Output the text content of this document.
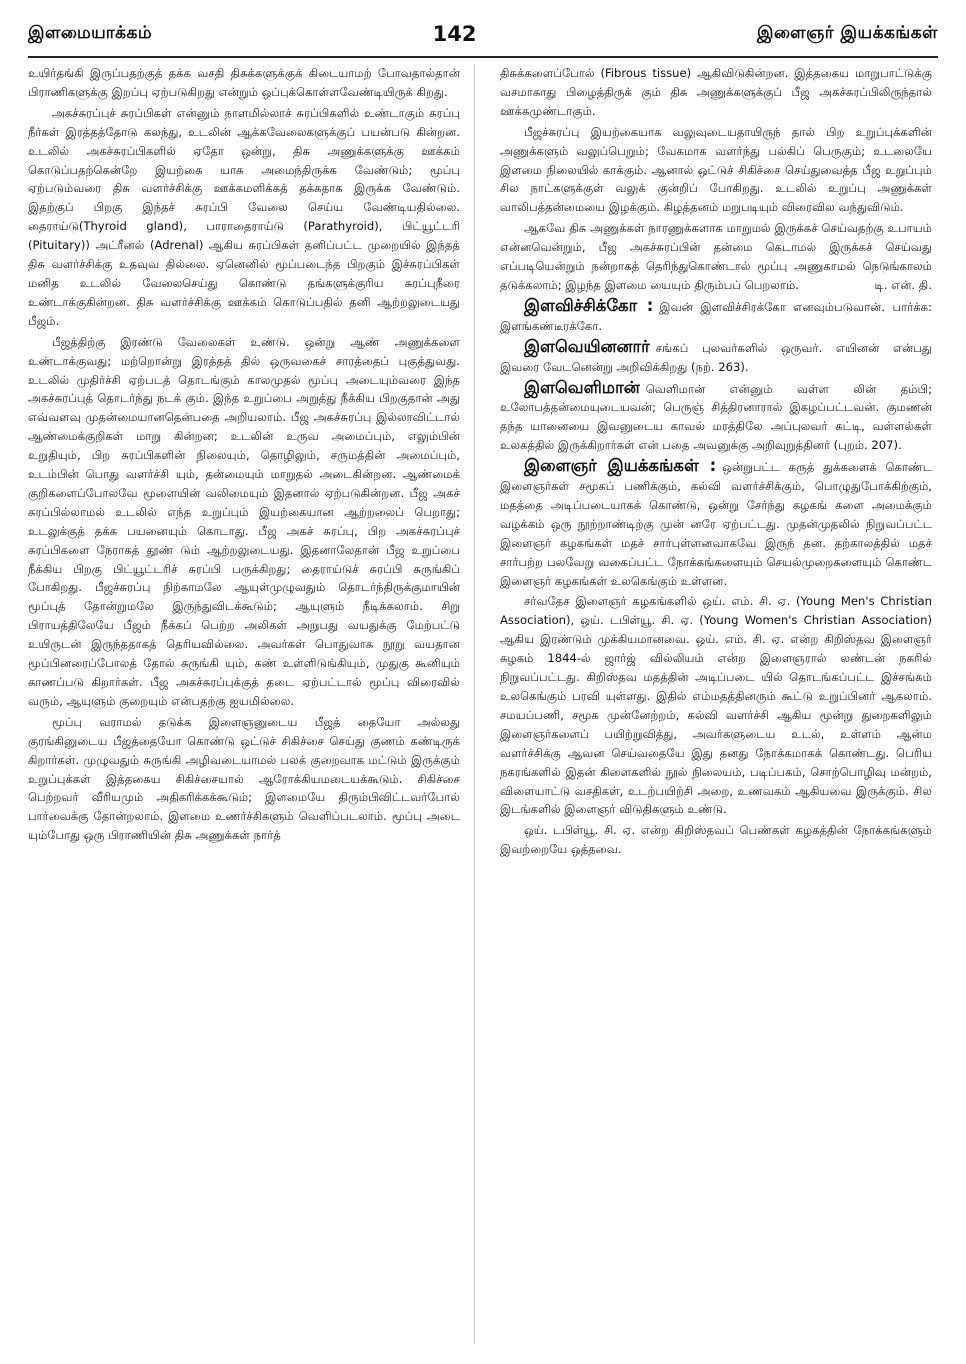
இளமையாக்கம்	142	இளைஞர் இயக்கங்கள்

உயிர்தங்கி இருப்பதற்குத் தக்க வசதி திசுக்களுக்குக் கிடையாமற் போவதால்தான் பிராணிகளுக்கு இறப்பு ஏற்படுகிறது என்றும் ஒப்புக்கொள்ளவேண்டியிருக் கிறது.

அகச்சுரப்புச் சுரப்பிகள் என்னும் நாளமில்லாச் சுரப்பிகளில் உண்டாகும் சுரப்பு நீர்கள் இரத்தத்தோடு கலந்து, உடலின் ஆக்கவேலைகளுக்குப் பயன்படு கின்றன. உடலில் அகச்சுரப்பிகளில் ஏதோ ஒன்று, திசு அணுக்களுக்கு ஊக்கம் கொடுப்பதற்கென்றே இயற்கை யாக அமைந்திருக்க வேண்டும்; மூப்பு ஏற்படும்வரை திசு வளர்ச்சிக்கு ஊக்கமளிக்கத் தக்கதாக இருக்க வேண்டும். இதற்குப் பிறகு இந்தச் சுரப்பி வேலை செய்ய வேண்டியதில்லை. தைராய்டு(Thyroid gland), பாராதைராய்டு (Parathyroid), பிட்யூட்டரி (Pituitary)) அட்ரீனல் (Adrenal) ஆகிய சுரப்பிகள் தனிப்பட்ட முறையில் இந்தத் திசு வளர்ச்சிக்கு உதவுவ தில்லை. ஏனெனில் மூப்படைந்த பிறகும் இச்சுரப்பிகள் மனித உடலில் வேலைசெய்து கொண்டு தங்களுக்குரிய சுரப்புநீரை உண்டாக்குகின்றன. திசு வளர்ச்சிக்கு ஊக்கம் கொடுப்பதில் தனி ஆற்றலுடையது பீஜம்.

பீஜத்திற்கு இரண்டு வேலைகள் உண்டு. ஒன்று ஆண் அணுக்களை உண்டாக்குவது; மற்றொன்று இரத்தத் தில் ஒருவகைச் சாரத்தைப் புகுத்துவது. உடலில் முதிர்ச்சி ஏற்படத் தொடங்கும் காலமுதல் மூப்பு அடையும்வரை இந்த அகச்சுரப்புத் தொடர்ந்து நடக் கும். இந்த உறுப்பை அறுத்து நீக்கிய பிறகுதான் அது எவ்வளவு முதன்மையானதென்பதை அறியலாம். பீஜ அகச்சுரப்பு இல்லாவிட்டால் ஆண்மைக்குறிகள் மாறு கின்றன; உடலின் உருவ அமைப்பும், எலும்பின் உறுதியும், பிற சுரப்பிகளின் நிலையும், தொழிலும், சருமத்தின் அமைப்பும், உடம்பின் பொது வளர்ச்சி யும், தன்மையும் மாறுதல் அடைகின்றன. ஆண்மைக் குறிகளைப்போலவே மூளையின் வலிமையும் இதனால் ஏற்படுகின்றன. பீஜ அகச் சுரப்பில்லாமல் உடலில் எந்த உறுப்பும் இயற்கையான ஆற்றலைப் பெறாது; உடலுக்குத் தக்க பயனையும் கொடாது. பீஜ அகச் சுரப்பு, பிற அகச்சுரப்புச் சுரப்பிகளை நேராகத் தூண் டும் ஆற்றலுடையது. இதனாலேதான் பீஜ உறுப்பை நீக்கிய பிறகு பிட்யூட்டரிச் சுரப்பி பருக்கிறது; தைராய்டுச் சுரப்பி சுருங்கிப் போகிறது. பீஜச்சுரப்பு நிற்காமலே ஆயுள்முழுவதும் தொடர்ந்திருக்குமாயின் மூப்புத் தோன்றுமலே இருந்துவிடக்கூடும்; ஆயுளும் நீடிக்கலாம். சிறு பிராயத்திலேயே பீஜம் நீக்கப் பெற்ற அலிகள் அறுபது வயதுக்கு மேற்பட்டு உயிருடன் இருந்ததாகத் தெரியவில்லை. அவர்கள் பொதுவாக நூறு வயதான மூப்பினரைப்போலத் தோல் சுருங்கி யும், கண் உள்ளிடுங்கியும், முதுகு கூனியும் காணப்படு கிறார்கள். பீஜ அகச்சுரப்புக்குத் தடை ஏற்பட்டால் மூப்பு விரைவில் வரும், ஆயுளும் குறையும் என்பதற்கு ஐயமில்லை.

மூப்பு வராமல் தடுக்க இளைஞனுடைய பீஜத் தையோ அல்லது குரங்கினுடைய பீஜத்தையோ கொண்டு ஒட்டுச் சிகிச்சை செய்து குணம் கண்டிருக் கிறார்கள். முழுவதும் சுருங்கி அழிவடையாமல் பலக் குறைவாக மட்டும் இருக்கும் உறுப்புக்கள் இத்தகைய சிகிச்சையால் ஆரோக்கியமடையக்கூடும். சிகிச்சை பெற்றவர் வீரியமும் அதிகரிக்கக்கூடும்; இளமையே திரும்பிவிட்டவர்போல் பார்வைக்கு தோன்றலாம். இளமை உணர்ச்சிகளும் வெளிப்படலாம். மூப்பு அடை யும்போது ஒரு பிராணியின் திசு அணுக்கள் நார்த்

திசுக்களைப்போல் (Fibrous tissue) ஆகிவிடுகின்றன. இத்தகைய மாறுபாட்டுக்கு வசமாகாது பிழைத்திருக் கும் திசு அணுக்களுக்குப் பீஜ அகச்சுரப்பிலிருந்தால் ஊக்கமுண்டாகும்.

பீஜச்சுரப்பு இயற்கையாக வலுவுடையதாயிருந் தால் பிற உறுப்புக்களின் அணுக்களும் வலுப்பெறும்; வேகமாக வளர்ந்து பல்கிப் பெருகும்; உடலையே இளமை நிலையில் காக்கும். ஆனால் ஒட்டுச் சிகிச்சை செய்துவைத்த பீஜ உறுப்பும் சில நாட்களுக்குள் வலுக் குன்றிப் போகிறது. உடலில் உறுப்பு அணுக்கள் வாலிபத்தன்மையை இழக்கும். கிழத்தனம் மறுபடியும் விரைவில வந்துவிடும்.

ஆகவே திசு அணுக்கள் நாரணுக்களாக மாறுமல் இருக்கச் செய்வதற்கு உபாயம் என்னவென்றும், பீஜ அகச்சுரப்பின் தன்மை கெடாமல் இருக்கச் செய்வது எப்படியென்றும் நன்றாகத் தெரிந்துகொண்டால் மூப்பு அணுகாமல் நெடுங்காலம் தடுக்கலாம்; இழந்த இளமை யையும் திரும்பப் பெறலாம்.	டி. என். தி.

இளவிச்சிக்கோ : இவன் இளவிச்சிரக்கோ எனவும்படுவான். பார்க்க: இளங்கண்டீரக்கோ.

இளவெயினனார் சங்கப் புலவர்களில் ஒருவர். எயினன் என்பது இவரை வேடனென்று அறிவிக்கிறது (நற். 263).

இளவெளிமான் வெளிமான் என்னும் வள்ள லின் தம்பி; உலோபத்தன்மையுடையவன்; பெருஞ் சித்திரனாரால் இகழப்பட்டவன். குமணன் தந்த யானையை இவனுடைய காவல் மரத்திலே அப்புலவர் கட்டி, வள்ளல்கள் உலகத்தில் இருக்கிறார்கள் என் பதை அவனுக்கு அறிவுறுத்தினர் (புறம். 207).

இளைஞர் இயக்கங்கள் : ஒன்றுபட்ட கருத் துக்களைக் கொண்ட இளைஞர்கள் சமூகப் பணிக்கும், கல்வி வளர்ச்சிக்கும், பொழுதுபோக்கிற்கும், மதத்தை அடிப்படையாகக் கொண்டு, ஒன்று சேர்ந்து கழகங் களை அமைக்கும் வழக்கம் ஒரு நூற்றாண்டிற்கு முன் னரே ஏற்பட்டது. முதன்முதலில் நிறுவப்பட்ட இளைஞர் கழகங்கள் மதச் சார்புள்ளனவாகவே இருந் தன. தற்காலத்தில் மதச் சார்பற்ற பலவேறு வகைப்பட்ட நோக்கங்களையும் செயல்முறைகளையும் கொண்ட இளைஞர் கழகங்கள் உலகெங்கும் உள்ளன.

சர்வதேச இளைஞர் கழகங்களில் ஒய். எம். சி. ஏ. (Young Men's Christian Association), ஒய். டபிள்யூ. சி. ஏ. (Young Women's Christian Association) ஆகிய இரண்டும் முக்கியமானவை. ஒய். எம். சி. ஏ. என்ற கிறிஸ்தவ இளைஞர் கழகம் 1844-ல் ஜார்ஜ் வில்லியம் என்ற இளைஞரால் லண்டன் நகரில் நிறுவப்பட்டது. கிறிஸ்தவ மதத்தின் அடிப்படை யில் தொடங்கப்பட்ட இச்சங்கம் உலகெங்கும் பரவி யுள்ளது. இதில் எம்மதத்தினரும் கூட்டு உறுப்பினர் ஆகலாம். சமயப்பணி, சமூக முன்னேற்றம், கல்வி வளர்ச்சி ஆகிய மூன்று துறைகளிலும் இளைஞர்களைப் பயிற்றுவித்து, அவர்களுடைய உடல், உள்ளம் ஆன்ம வளர்ச்சிக்கு ஆவன செய்வதையே இது தனது நோக்கமாகக் கொண்டது. பெரிய நகரங்களில் இதன் கிளைகளில் நூல் நிலையம், படிப்பகம், சொற்பொழிவு மன்றம், விளையாட்டு வசதிகள், உடற்பயிற்சி அறை, உணவகம் ஆகியவை இருக்கும். சில இடங்களில் இளைஞர் விடுதிகளும் உண்டு.

ஒய். டபிள்யூ. சி. ஏ. என்ற கிறிஸ்தவப் பெண்கள் கழகத்தின் நோக்கங்களும் இவற்றையே ஒத்தவை.
